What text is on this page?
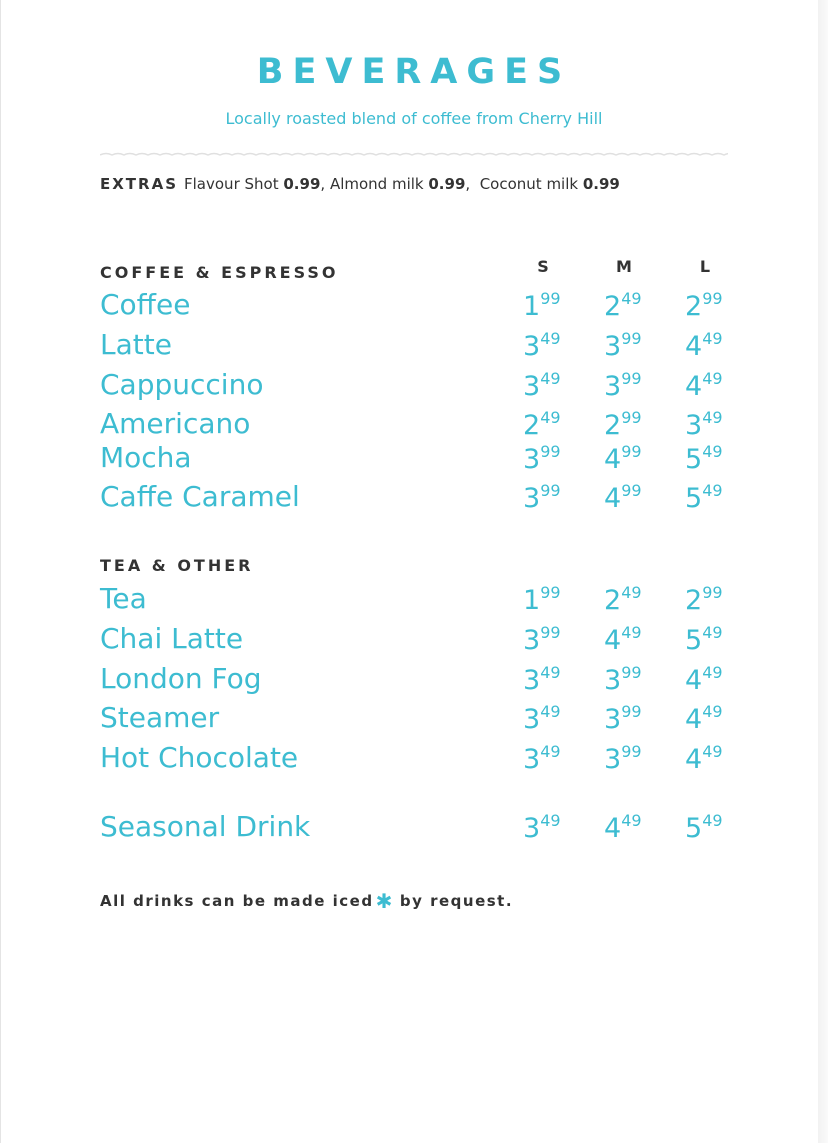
BEVERAGES
Locally roasted blend of coffee from Cherry Hill
EXTRAS Flavour Shot 0.99, Almond milk 0.99,  Coconut milk 0.99
S	M	L
COFFEE & ESPRESSO
TEA & OTHER
Coffee	$1^{99}$ $2^{49}$ $2^{99}$
Latte	$3^{49}$ $3^{99}$ $4^{49}$
Cappuccino	$3^{49}$ $3^{99}$ $4^{49}$
Americano	$2^{49}$ $2^{99}$ $3^{49}$
Mocha	$3^{99}$ $4^{99}$ $5^{49}$
Caffe Caramel	$3^{99}$ $4^{99}$ $5^{49}$
Tea	$1^{99}$ $2^{49}$ $2^{99}$
Chai Latte	$3^{99}$ $4^{49}$ $5^{49}$
London Fog	$3^{49}$ $3^{99}$ $4^{49}$
Steamer	$3^{49}$ $3^{99}$ $4^{49}$
Hot Chocolate	$3^{49}$ $3^{99}$ $4^{49}$
Seasonal Drink	$3^{49}$ $4^{49}$ $5^{49}$
All drinks can be made iced ✱ by request.
